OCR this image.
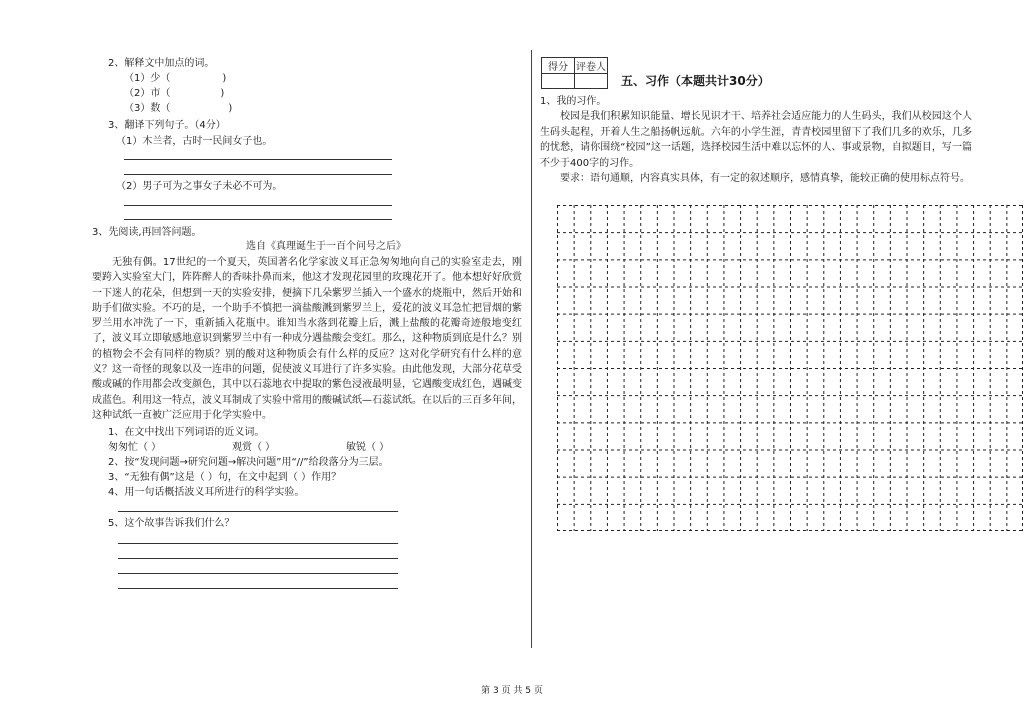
2、解释文中加点的词。
（1）少（	)
（2）市（	)
（3）数（	)
3、翻译下列句子。（4分）
（1）木兰者，古时一民间女子也。
（2）男子可为之事女子未必不可为。
3、先阅读,再回答问题。
选自《真理诞生于一百个问号之后》
无独有偶。17世纪的一个夏天，英国著名化学家波义耳正急匆匆地向自己的实验室走去，刚要跨入实验室大门，阵阵醉人的香味扑鼻而来，他这才发现花园里的玫瑰花开了。他本想好好欣赏一下迷人的花朵，但想到一天的实验安排，便摘下几朵紫罗兰插入一个盛水的烧瓶中，然后开始和助手们做实验。不巧的是，一个助手不慎把一滴盐酸溅到紫罗兰上，爱花的波义耳急忙把冒烟的紫罗兰用水冲洗了一下，重新插入花瓶中。谁知当水落到花瓣上后，溅上盐酸的花瓣奇迹般地变红了，波义耳立即敏感地意识到紫罗兰中有一种成分遇盐酸会变红。那么，这种物质到底是什么？别的植物会不会有同样的物质？别的酸对这种物质会有什么样的反应？这对化学研究有什么样的意义？这一奇怪的现象以及一连串的问题，促使波义耳进行了许多实验。由此他发现，大部分花草受酸或碱的作用都会改变颜色，其中以石蕊地衣中提取的紫色浸液最明显，它遇酸变成红色，遇碱变成蓝色。利用这一特点，波义耳制成了实验中常用的酸碱试纸—石蕊试纸。在以后的三百多年间，这种试纸一直被广泛应用于化学实验中。
1、在文中找出下列词语的近义词。
匆匆忙（ ）	观赏（ ）	敏锐（ ）
2、按“发现问题→研究问题→解决问题”用“//”给段落分为三层。
3、“无独有偶”这是（ ）句，在文中起到（ ）作用？
4、用一句话概括波义耳所进行的科学实验。
5、这个故事告诉我们什么？
得分	评卷人

五、习作（本题共计30分）
1、我的习作。
校园是我们积累知识能量、增长见识才干、培养社会适应能力的人生码头，我们从校园这个人生码头起程，开着人生之船扬帆远航。六年的小学生涯，青青校园里留下了我们几多的欢乐，几多的忧愁，请你围绕“校园”这一话题，选择校园生活中难以忘怀的人、事或景物，自拟题目，写一篇不少于400字的习作。
要求：语句通顺，内容真实具体，有一定的叙述顺序，感情真挚，能较正确的使用标点符号。
第 3 页 共 5 页
